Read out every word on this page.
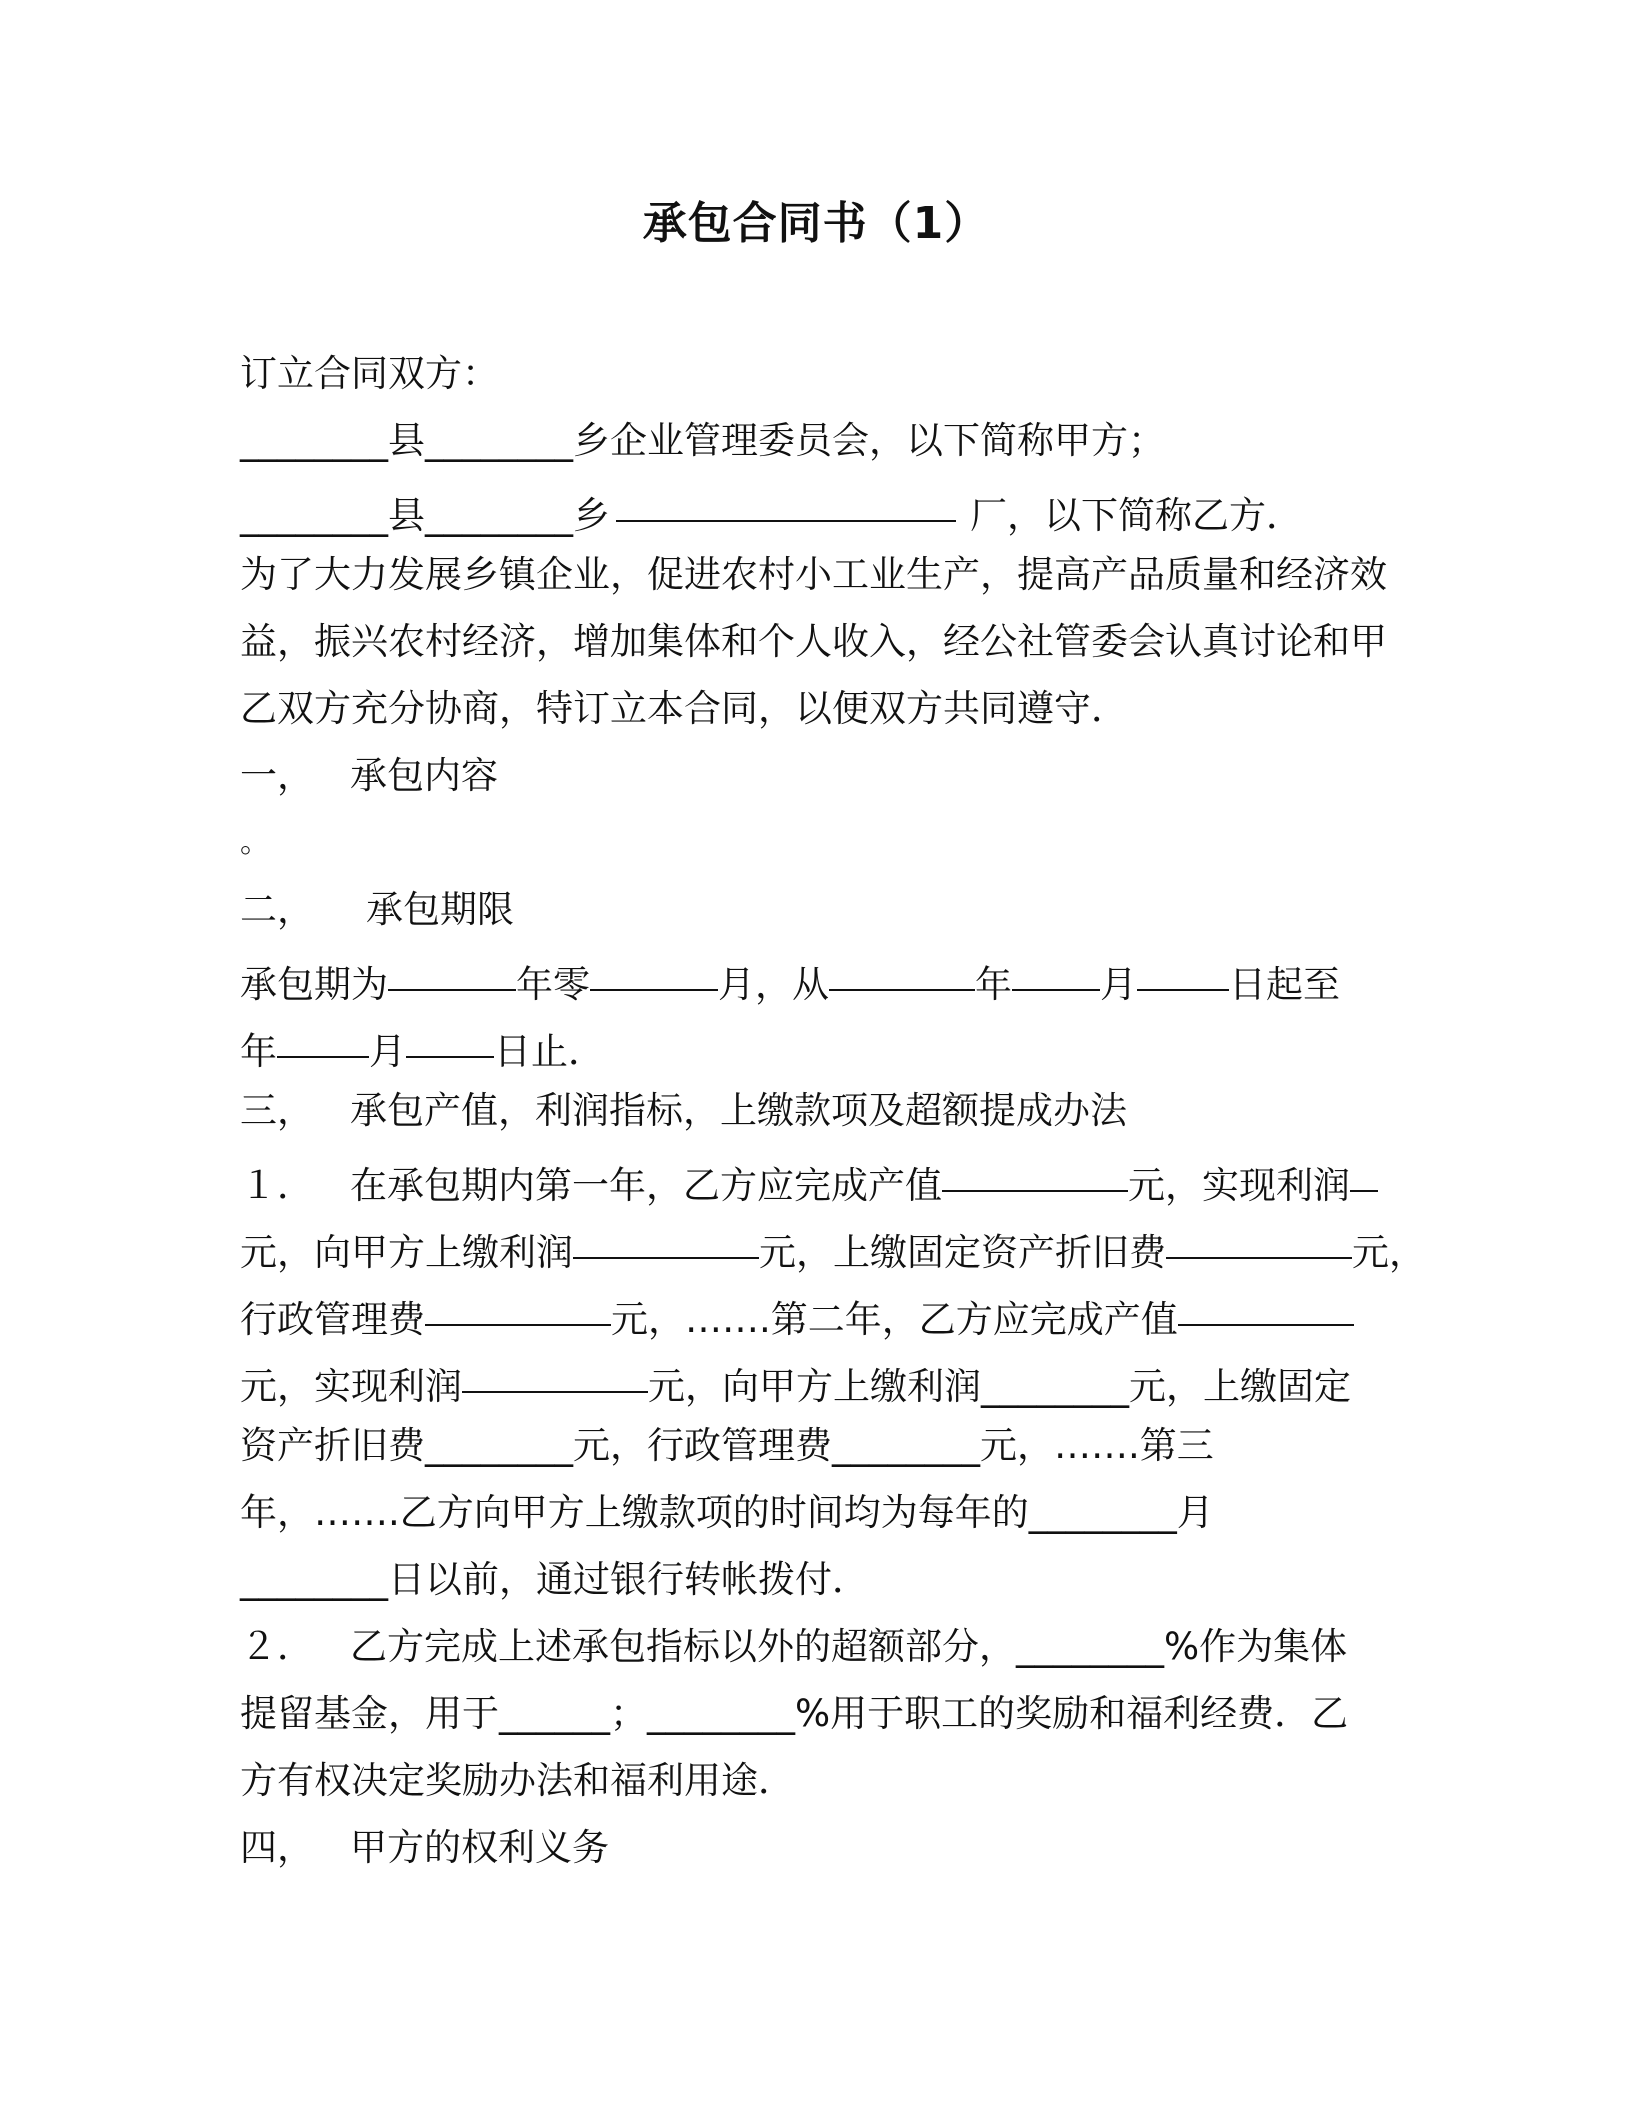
承包合同书（1）
订立合同双方：
________县________乡企业管理委员会，以下简称甲方；
________县________乡	厂，以下简称乙方．
为了大力发展乡镇企业，促进农村小工业生产，提高产品质量和经济效
益，振兴农村经济，增加集体和个人收入，经公社管委会认真讨论和甲
乙双方充分协商，特订立本合同，以便双方共同遵守．
一， 承包内容
。
二， 承包期限
承包期为	年零	月，从	年 月 日起至
年 月 日止．
三， 承包产值，利润指标，上缴款项及超额提成办法
１． 在承包期内第一年，乙方应完成产值	元，实现利润
元，向甲方上缴利润	元，上缴固定资产折旧费	元，
行政管理费	元，…….第二年，乙方应完成产值
元，实现利润	元，向甲方上缴利润________元，上缴固定
资产折旧费________元，行政管理费________元，…….第三
年，…….乙方向甲方上缴款项的时间均为每年的________月
________日以前，通过银行转帐拨付．
２． 乙方完成上述承包指标以外的超额部分，________%作为集体
提留基金，用于______；________%用于职工的奖励和福利经费．乙
方有权决定奖励办法和福利用途．
四， 甲方的权利义务
